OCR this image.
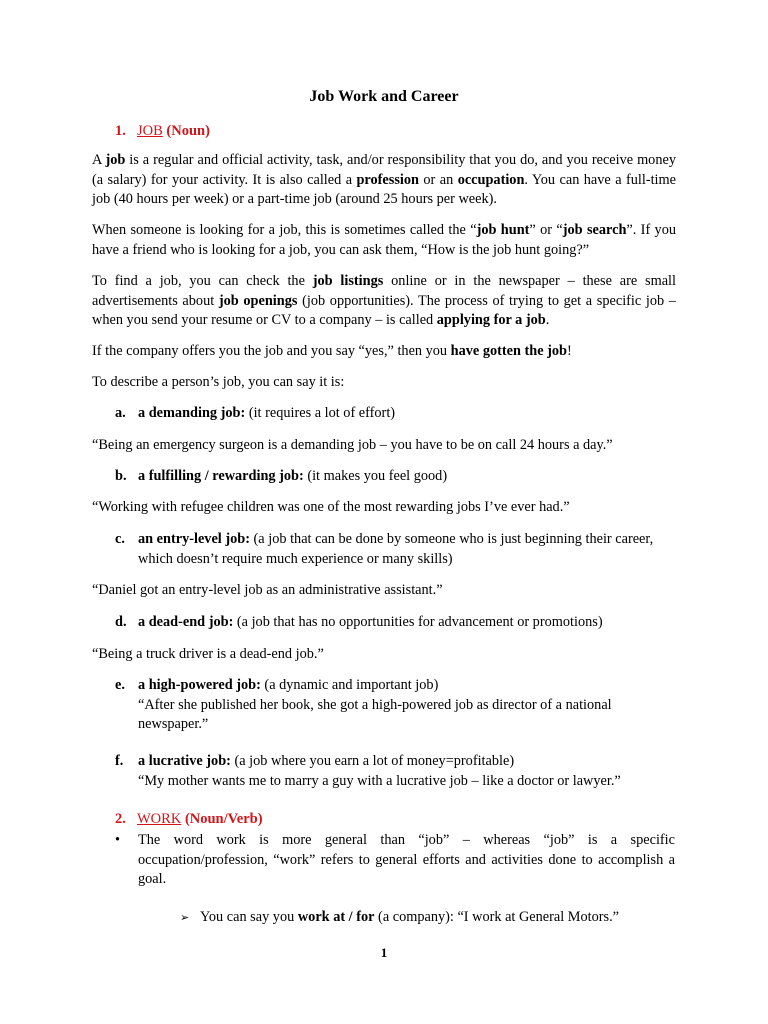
Job Work and Career
1. JOB (Noun)
A job is a regular and official activity, task, and/or responsibility that you do, and you receive money (a salary) for your activity. It is also called a profession or an occupation. You can have a full-time job (40 hours per week) or a part-time job (around 25 hours per week).
When someone is looking for a job, this is sometimes called the “job hunt” or “job search”. If you have a friend who is looking for a job, you can ask them, “How is the job hunt going?”
To find a job, you can check the job listings online or in the newspaper – these are small advertisements about job openings (job opportunities). The process of trying to get a specific job – when you send your resume or CV to a company – is called applying for a job.
If the company offers you the job and you say “yes,” then you have gotten the job!
To describe a person’s job, you can say it is:
a. a demanding job: (it requires a lot of effort)
“Being an emergency surgeon is a demanding job – you have to be on call 24 hours a day.”
b. a fulfilling / rewarding job: (it makes you feel good)
“Working with refugee children was one of the most rewarding jobs I’ve ever had.”
c. an entry-level job: (a job that can be done by someone who is just beginning their career, which doesn’t require much experience or many skills)
“Daniel got an entry-level job as an administrative assistant.”
d. a dead-end job: (a job that has no opportunities for advancement or promotions)
“Being a truck driver is a dead-end job.”
e. a high-powered job: (a dynamic and important job)
“After she published her book, she got a high-powered job as director of a national newspaper.”
f. a lucrative job: (a job where you earn a lot of money=profitable)
“My mother wants me to marry a guy with a lucrative job – like a doctor or lawyer.”
2. WORK (Noun/Verb)
• The word work is more general than “job” – whereas “job” is a specific occupation/profession, “work” refers to general efforts and activities done to accomplish a goal.
➢ You can say you work at / for (a company): “I work at General Motors.”
1
